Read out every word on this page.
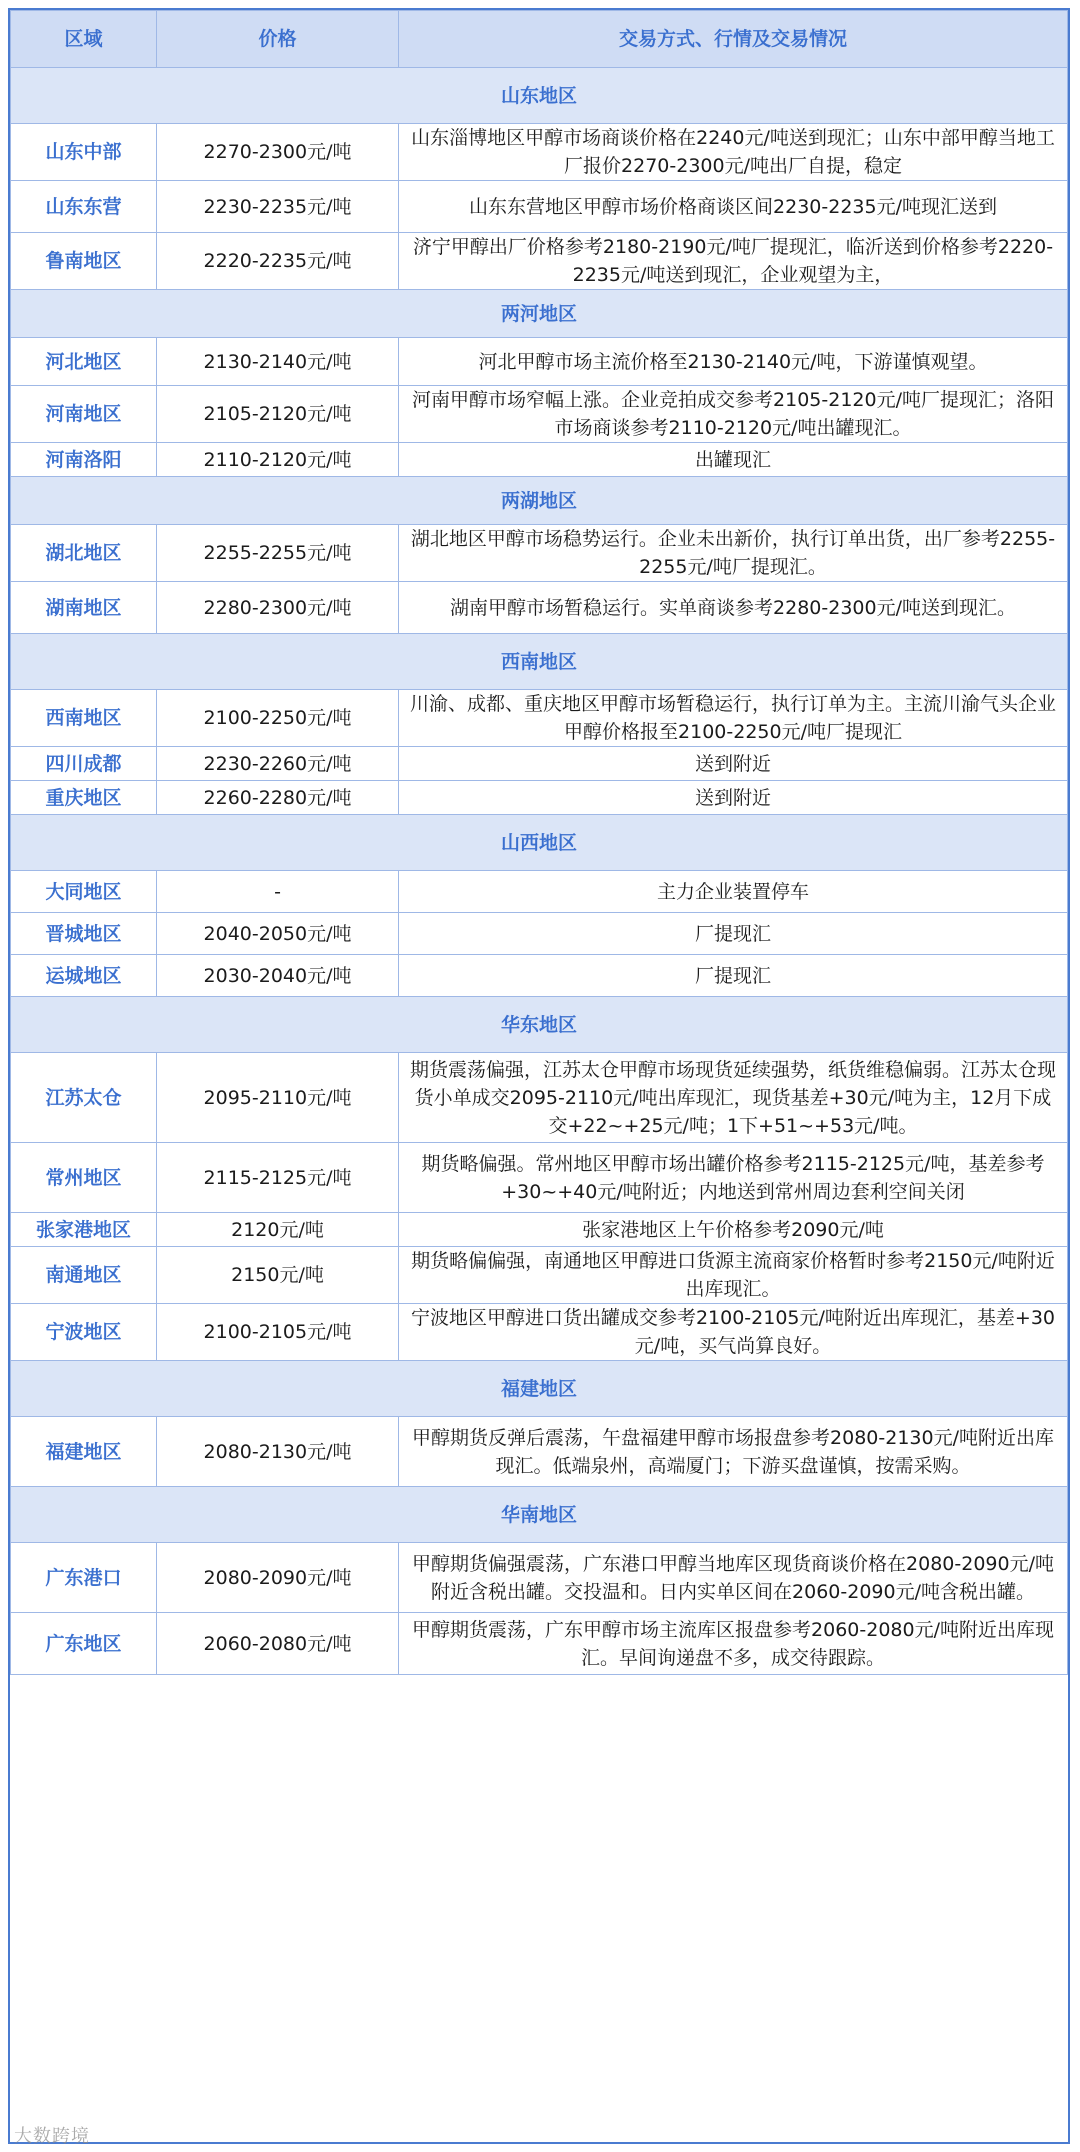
区域	价格	交易方式、行情及交易情况
山东地区		
山东中部	2270-2300元/吨	山东淄博地区甲醇市场商谈价格在2240元/吨送到现汇；山东中部甲醇当地工厂报价2270-2300元/吨出厂自提，稳定
山东东营	2230-2235元/吨	山东东营地区甲醇市场价格商谈区间2230-2235元/吨现汇送到
鲁南地区	2220-2235元/吨	济宁甲醇出厂价格参考2180-2190元/吨厂提现汇，临沂送到价格参考2220-2235元/吨送到现汇，企业观望为主，
两河地区		
河北地区	2130-2140元/吨	河北甲醇市场主流价格至2130-2140元/吨，下游谨慎观望。
河南地区	2105-2120元/吨	河南甲醇市场窄幅上涨。企业竞拍成交参考2105-2120元/吨厂提现汇；洛阳市场商谈参考2110-2120元/吨出罐现汇。
河南洛阳	2110-2120元/吨	出罐现汇
两湖地区		
湖北地区	2255-2255元/吨	湖北地区甲醇市场稳势运行。企业未出新价，执行订单出货，出厂参考2255-2255元/吨厂提现汇。
湖南地区	2280-2300元/吨	湖南甲醇市场暂稳运行。实单商谈参考2280-2300元/吨送到现汇。
西南地区		
西南地区	2100-2250元/吨	川渝、成都、重庆地区甲醇市场暂稳运行，执行订单为主。主流川渝气头企业甲醇价格报至2100-2250元/吨厂提现汇
四川成都	2230-2260元/吨	送到附近
重庆地区	2260-2280元/吨	送到附近
山西地区		
大同地区	-	主力企业装置停车
晋城地区	2040-2050元/吨	厂提现汇
运城地区	2030-2040元/吨	厂提现汇
华东地区		
江苏太仓	2095-2110元/吨	期货震荡偏强，江苏太仓甲醇市场现货延续强势，纸货维稳偏弱。江苏太仓现货小单成交2095-2110元/吨出库现汇，现货基差+30元/吨为主，12月下成交+22~+25元/吨；1下+51~+53元/吨。
常州地区	2115-2125元/吨	期货略偏强。常州地区甲醇市场出罐价格参考2115-2125元/吨，基差参考+30~+40元/吨附近；内地送到常州周边套利空间关闭
张家港地区	2120元/吨	张家港地区上午价格参考2090元/吨
南通地区	2150元/吨	期货略偏偏强，南通地区甲醇进口货源主流商家价格暂时参考2150元/吨附近出库现汇。
宁波地区	2100-2105元/吨	宁波地区甲醇进口货出罐成交参考2100-2105元/吨附近出库现汇，基差+30元/吨，买气尚算良好。
福建地区		
福建地区	2080-2130元/吨	甲醇期货反弹后震荡，午盘福建甲醇市场报盘参考2080-2130元/吨附近出库现汇。低端泉州，高端厦门；下游买盘谨慎，按需采购。
华南地区		
广东港口	2080-2090元/吨	甲醇期货偏强震荡，广东港口甲醇当地库区现货商谈价格在2080-2090元/吨附近含税出罐。交投温和。日内实单区间在2060-2090元/吨含税出罐。
广东地区	2060-2080元/吨	甲醇期货震荡，广东甲醇市场主流库区报盘参考2060-2080元/吨附近出库现汇。早间询递盘不多，成交待跟踪。
大数跨境
